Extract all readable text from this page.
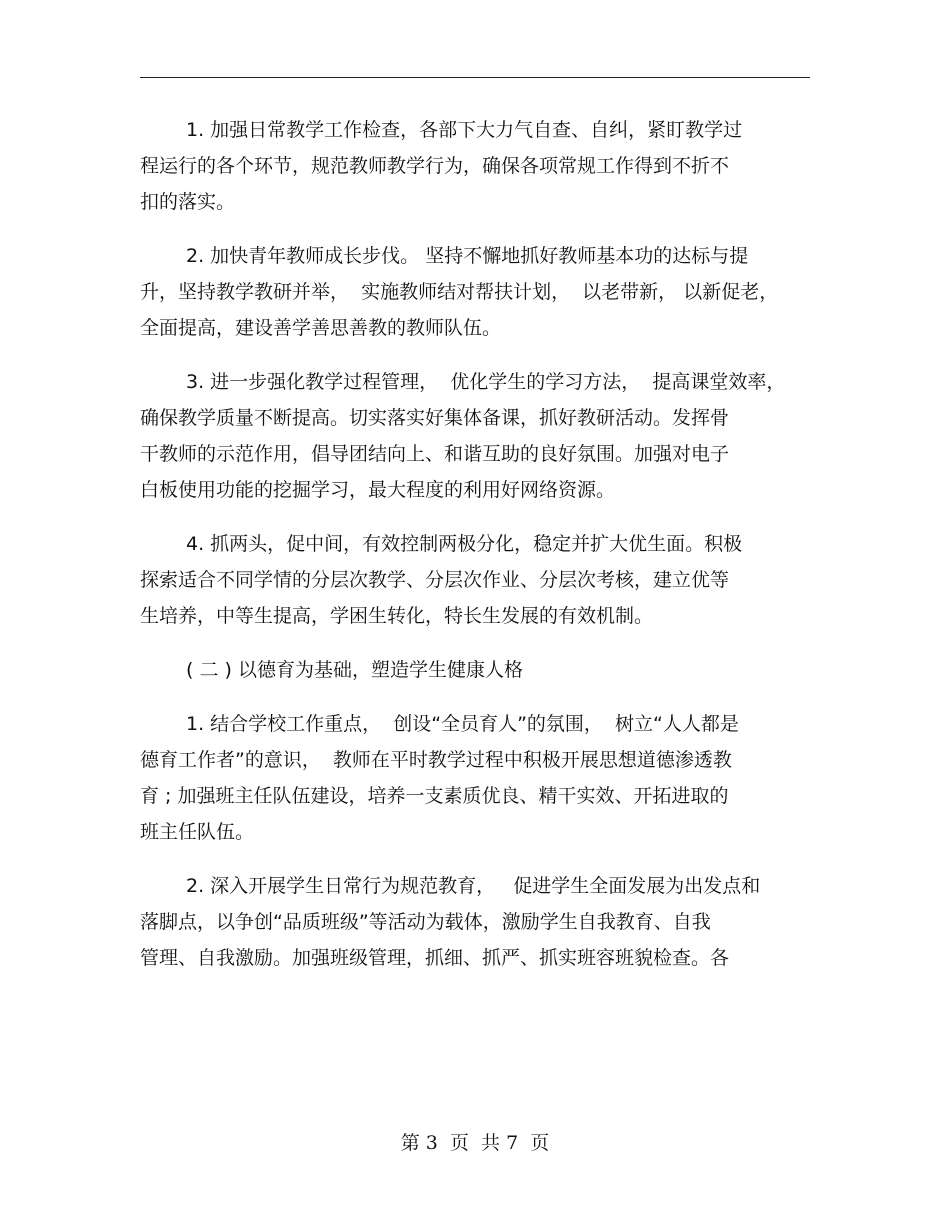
1. 加强日常教学工作检查，各部下大力气自查、自纠，紧盯教学过
程运行的各个环节，规范教师教学行为，确保各项常规工作得到不折不
扣的落实。
2. 加快青年教师成长步伐。 坚持不懈地抓好教师基本功的达标与提
升，坚持教学教研并举，  实施教师结对帮扶计划，  以老带新， 以新促老，
全面提高，建设善学善思善教的教师队伍。
3. 进一步强化教学过程管理，  优化学生的学习方法，  提高课堂效率，
确保教学质量不断提高。切实落实好集体备课，抓好教研活动。发挥骨
干教师的示范作用，倡导团结向上、和谐互助的良好氛围。加强对电子
白板使用功能的挖掘学习，最大程度的利用好网络资源。
4. 抓两头，促中间，有效控制两极分化，稳定并扩大优生面。积极
探索适合不同学情的分层次教学、分层次作业、分层次考核，建立优等
生培养，中等生提高，学困生转化，特长生发展的有效机制。
( 二 ) 以德育为基础，塑造学生健康人格
1. 结合学校工作重点，  创设“全员育人”的氛围，  树立“人人都是
德育工作者”的意识，  教师在平时教学过程中积极开展思想道德渗透教
育 ; 加强班主任队伍建设，培养一支素质优良、精干实效、开拓进取的
班主任队伍。
2. 深入开展学生日常行为规范教育，   促进学生全面发展为出发点和
落脚点，以争创“品质班级”等活动为载体，激励学生自我教育、自我
管理、自我激励。加强班级管理，抓细、抓严、抓实班容班貌检查。各
第 3  页  共 7  页
